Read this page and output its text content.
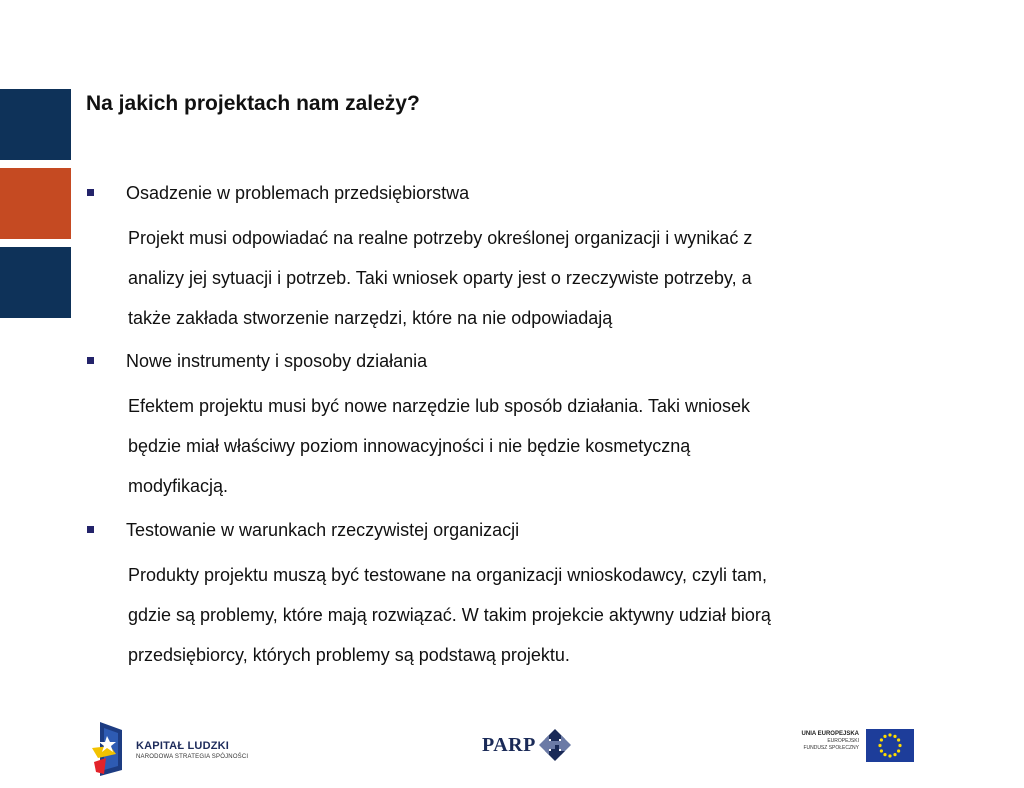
Na jakich projektach nam zależy?
Osadzenie w problemach przedsiębiorstwa
Projekt musi odpowiadać na realne potrzeby określonej organizacji i wynikać z
analizy jej sytuacji i potrzeb. Taki wniosek oparty jest o rzeczywiste potrzeby, a
także zakłada stworzenie narzędzi, które na nie odpowiadają
Nowe instrumenty i sposoby działania
Efektem projektu musi być nowe narzędzie lub sposób działania. Taki wniosek
będzie miał właściwy poziom innowacyjności i nie będzie kosmetyczną
modyfikacją.
Testowanie w warunkach rzeczywistej organizacji
Produkty projektu muszą być testowane na organizacji wnioskodawcy, czyli tam,
gdzie są problemy, które mają rozwiązać. W takim projekcie aktywny udział biorą
przedsiębiorcy, których problemy są podstawą projektu.
KAPITAŁ LUDZKI
NARODOWA STRATEGIA SPÓJNOŚCI
PARP	UNIA EUROPEJSKA
EUROPEJSKI
FUNDUSZ SPOŁECZNY
